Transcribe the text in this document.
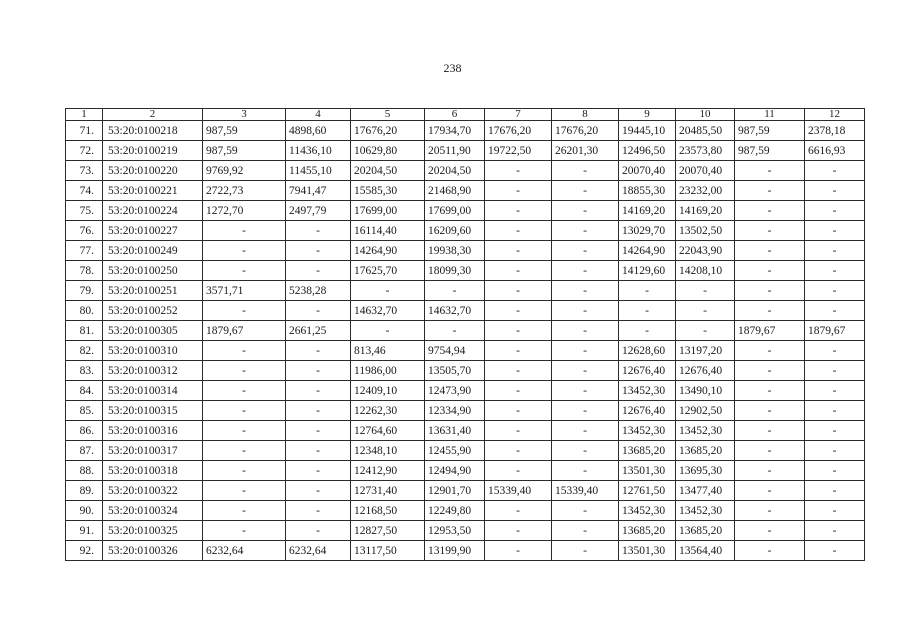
238
1	2	3	4	5	6	7	8	9	10	11	12
71.	53:20:0100218	987,59	4898,60	17676,20	17934,70	17676,20	17676,20	19445,10	20485,50	987,59	2378,18
72.	53:20:0100219	987,59	11436,10	10629,80	20511,90	19722,50	26201,30	12496,50	23573,80	987,59	6616,93
73.	53:20:0100220	9769,92	11455,10	20204,50	20204,50	-	-	20070,40	20070,40	-	-
74.	53:20:0100221	2722,73	7941,47	15585,30	21468,90	-	-	18855,30	23232,00	-	-
75.	53:20:0100224	1272,70	2497,79	17699,00	17699,00	-	-	14169,20	14169,20	-	-
76.	53:20:0100227	-	-	16114,40	16209,60	-	-	13029,70	13502,50	-	-
77.	53:20:0100249	-	-	14264,90	19938,30	-	-	14264,90	22043,90	-	-
78.	53:20:0100250	-	-	17625,70	18099,30	-	-	14129,60	14208,10	-	-
79.	53:20:0100251	3571,71	5238,28	-	-	-	-	-	-	-	-
80.	53:20:0100252	-	-	14632,70	14632,70	-	-	-	-	-	-
81.	53:20:0100305	1879,67	2661,25	-	-	-	-	-	-	1879,67	1879,67
82.	53:20:0100310	-	-	813,46	9754,94	-	-	12628,60	13197,20	-	-
83.	53:20:0100312	-	-	11986,00	13505,70	-	-	12676,40	12676,40	-	-
84.	53:20:0100314	-	-	12409,10	12473,90	-	-	13452,30	13490,10	-	-
85.	53:20:0100315	-	-	12262,30	12334,90	-	-	12676,40	12902,50	-	-
86.	53:20:0100316	-	-	12764,60	13631,40	-	-	13452,30	13452,30	-	-
87.	53:20:0100317	-	-	12348,10	12455,90	-	-	13685,20	13685,20	-	-
88.	53:20:0100318	-	-	12412,90	12494,90	-	-	13501,30	13695,30	-	-
89.	53:20:0100322	-	-	12731,40	12901,70	15339,40	15339,40	12761,50	13477,40	-	-
90.	53:20:0100324	-	-	12168,50	12249,80	-	-	13452,30	13452,30	-	-
91.	53:20:0100325	-	-	12827,50	12953,50	-	-	13685,20	13685,20	-	-
92.	53:20:0100326	6232,64	6232,64	13117,50	13199,90	-	-	13501,30	13564,40	-	-
